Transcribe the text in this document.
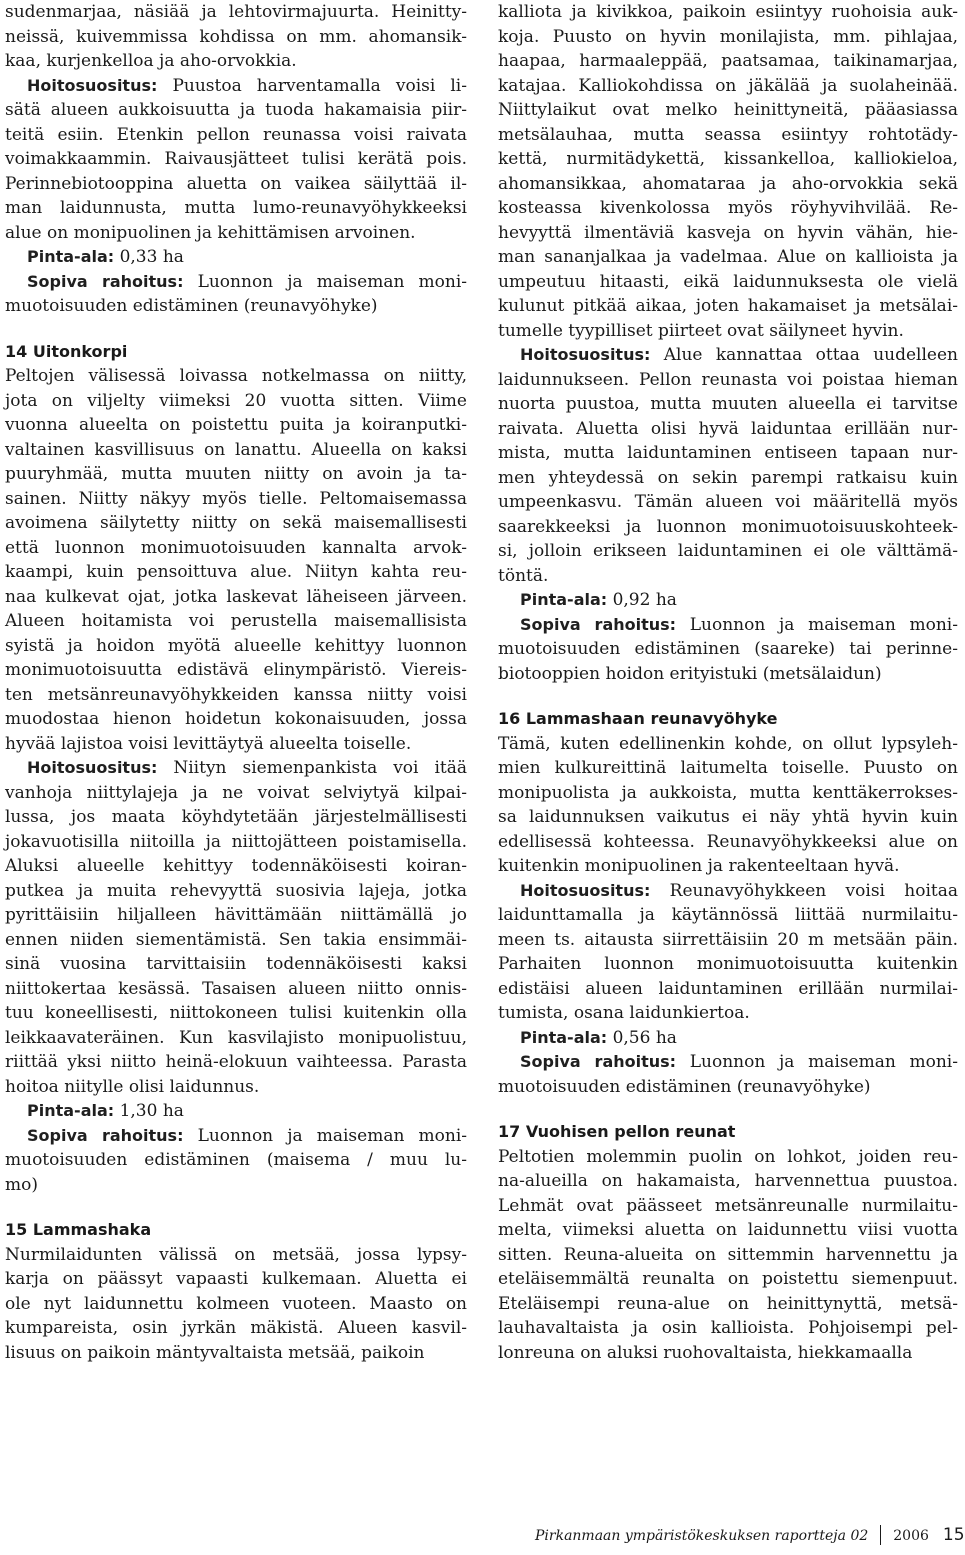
sudenmarjaa, näsiää ja lehtovirmajuurta. Heinitty-
neissä, kuivemmissa kohdissa on mm. ahomansik-
kaa, kurjenkelloa ja aho-orvokkia.
Hoitosuositus: Puustoa harventamalla voisi li-
sätä alueen aukkoisuutta ja tuoda hakamaisia piir-
teitä esiin. Etenkin pellon reunassa voisi raivata
voimakkaammin. Raivausjätteet tulisi kerätä pois.
Perinnebiotooppina aluetta on vaikea säilyttää il-
man laidunnusta, mutta lumo-reunavyöhykkeeksi
alue on monipuolinen ja kehittämisen arvoinen.
Pinta-ala: 0,33 ha
Sopiva rahoitus: Luonnon ja maiseman moni-
muotoisuuden edistäminen (reunavyöhyke)
14 Uitonkorpi
Peltojen välisessä loivassa notkelmassa on niitty,
jota on viljelty viimeksi 20 vuotta sitten. Viime
vuonna alueelta on poistettu puita ja koiranputki-
valtainen kasvillisuus on lanattu. Alueella on kaksi
puuryhmää, mutta muuten niitty on avoin ja ta-
sainen. Niitty näkyy myös tielle. Peltomaisemassa
avoimena säilytetty niitty on sekä maisemallisesti
että luonnon monimuotoisuuden kannalta arvok-
kaampi, kuin pensoittuva alue. Niityn kahta reu-
naa kulkevat ojat, jotka laskevat läheiseen järveen.
Alueen hoitamista voi perustella maisemallisista
syistä ja hoidon myötä alueelle kehittyy luonnon
monimuotoisuutta edistävä elinympäristö. Viereis-
ten metsänreunavyöhykkeiden kanssa niitty voisi
muodostaa hienon hoidetun kokonaisuuden, jossa
hyvää lajistoa voisi levittäytyä alueelta toiselle.
Hoitosuositus: Niityn siemenpankista voi itää
vanhoja niittylajeja ja ne voivat selviytyä kilpai-
lussa, jos maata köyhdytetään järjestelmällisesti
jokavuotisilla niitoilla ja niittojätteen poistamisella.
Aluksi alueelle kehittyy todennäköisesti koiran-
putkea ja muita rehevyyttä suosivia lajeja, jotka
pyrittäisiin hiljalleen hävittämään niittämällä jo
ennen niiden siementämistä. Sen takia ensimmäi-
sinä vuosina tarvittaisiin todennäköisesti kaksi
niittokertaa kesässä. Tasaisen alueen niitto onnis-
tuu koneellisesti, niittokoneen tulisi kuitenkin olla
leikkaavateräinen. Kun kasvilajisto monipuolistuu,
riittää yksi niitto heinä-elokuun vaihteessa. Parasta
hoitoa niitylle olisi laidunnus.
Pinta-ala: 1,30 ha
Sopiva rahoitus: Luonnon ja maiseman moni-
muotoisuuden edistäminen (maisema / muu lu-
mo)
15 Lammashaka
Nurmilaidunten välissä on metsää, jossa lypsy-
karja on päässyt vapaasti kulkemaan. Aluetta ei
ole nyt laidunnettu kolmeen vuoteen. Maasto on
kumpareista, osin jyrkän mäkistä. Alueen kasvil-
lisuus on paikoin mäntyvaltaista metsää, paikoin
kalliota ja kivikkoa, paikoin esiintyy ruohoisia auk-
koja. Puusto on hyvin monilajista, mm. pihlajaa,
haapaa, harmaaleppää, paatsamaa, taikinamarjaa,
katajaa. Kalliokohdissa on jäkälää ja suolaheinää.
Niittylaikut ovat melko heinittyneitä, pääasiassa
metsälauhaa, mutta seassa esiintyy rohtotädy-
kettä, nurmitädykettä, kissankelloa, kalliokieloa,
ahomansikkaa, ahomataraa ja aho-orvokkia sekä
kosteassa kivenkolossa myös röyhyvihvilää. Re-
hevyyttä ilmentäviä kasveja on hyvin vähän, hie-
man sananjalkaa ja vadelmaa. Alue on kallioista ja
umpeutuu hitaasti, eikä laidunnuksesta ole vielä
kulunut pitkää aikaa, joten hakamaiset ja metsälai-
tumelle tyypilliset piirteet ovat säilyneet hyvin.
Hoitosuositus: Alue kannattaa ottaa uudelleen
laidunnukseen. Pellon reunasta voi poistaa hieman
nuorta puustoa, mutta muuten alueella ei tarvitse
raivata. Aluetta olisi hyvä laiduntaa erillään nur-
mista, mutta laiduntaminen entiseen tapaan nur-
men yhteydessä on sekin parempi ratkaisu kuin
umpeenkasvu. Tämän alueen voi määritellä myös
saarekkeeksi ja luonnon monimuotoisuuskohteek-
si, jolloin erikseen laiduntaminen ei ole välttämä-
töntä.
Pinta-ala: 0,92 ha
Sopiva rahoitus: Luonnon ja maiseman moni-
muotoisuuden edistäminen (saareke) tai perinne-
biotooppien hoidon erityistuki (metsälaidun)
16 Lammashaan reunavyöhyke
Tämä, kuten edellinenkin kohde, on ollut lypsyleh-
mien kulkureittinä laitumelta toiselle. Puusto on
monipuolista ja aukkoista, mutta kenttäkerrokses-
sa laidunnuksen vaikutus ei näy yhtä hyvin kuin
edellisessä kohteessa. Reunavyöhykkeeksi alue on
kuitenkin monipuolinen ja rakenteeltaan hyvä.
Hoitosuositus: Reunavyöhykkeen voisi hoitaa
laidunttamalla ja käytännössä liittää nurmilaitu-
meen ts. aitausta siirrettäisiin 20 m metsään päin.
Parhaiten luonnon monimuotoisuutta kuitenkin
edistäisi alueen laiduntaminen erillään nurmilai-
tumista, osana laidunkiertoa.
Pinta-ala: 0,56 ha
Sopiva rahoitus: Luonnon ja maiseman moni-
muotoisuuden edistäminen (reunavyöhyke)
17 Vuohisen pellon reunat
Peltotien molemmin puolin on lohkot, joiden reu-
na-alueilla on hakamaista, harvennettua puustoa.
Lehmät ovat päässeet metsänreunalle nurmilaitu-
melta, viimeksi aluetta on laidunnettu viisi vuotta
sitten. Reuna-alueita on sittemmin harvennettu ja
eteläisemmältä reunalta on poistettu siemenpuut.
Eteläisempi reuna-alue on heinittynyttä, metsä-
lauhavaltaista ja osin kallioista. Pohjoisempi pel-
lonreuna on aluksi ruohovaltaista, hiekkamaalla
Pirkanmaan ympäristökeskuksen raportteja 02 2006 15
